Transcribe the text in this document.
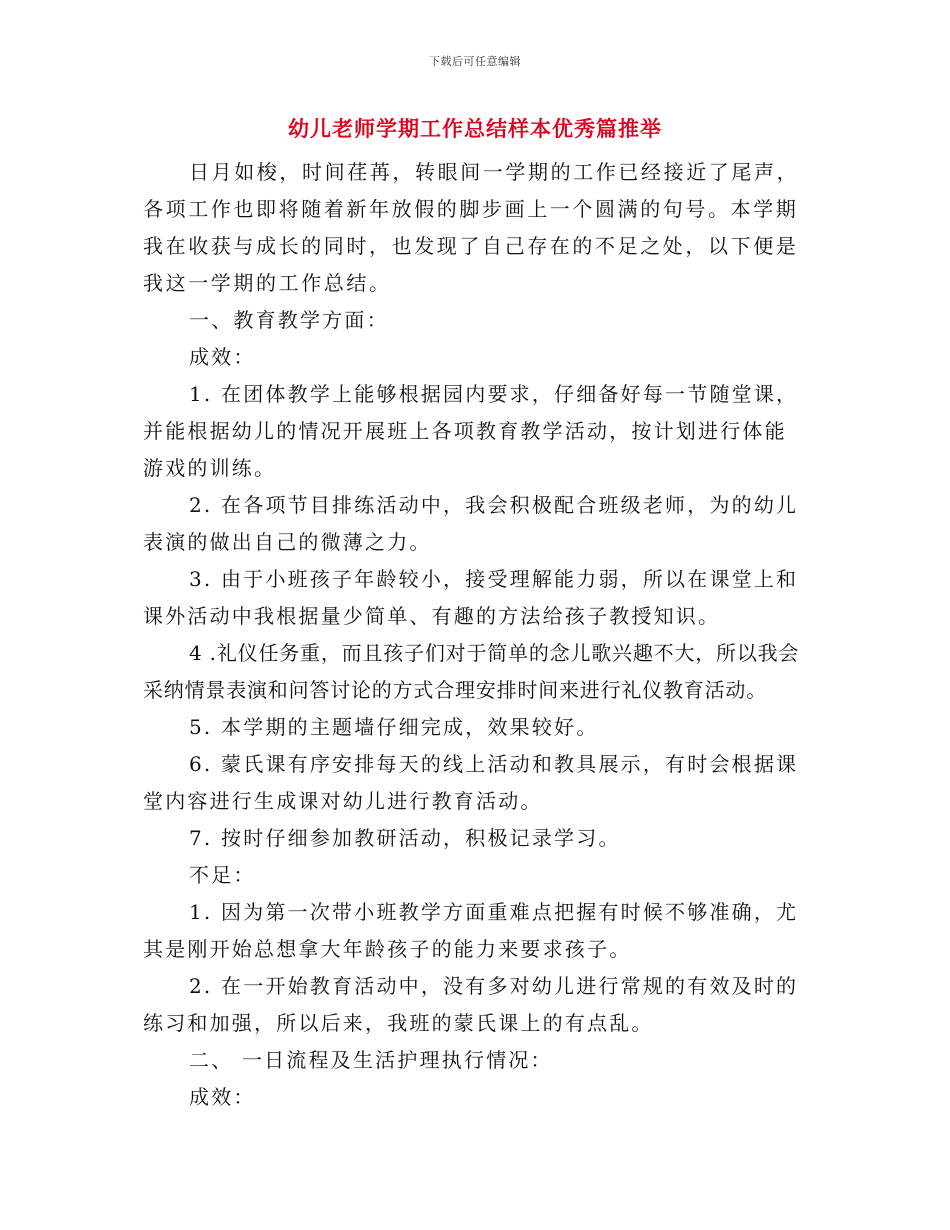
下载后可任意编辑
幼儿老师学期工作总结样本优秀篇推举

日月如梭，时间荏苒，转眼间一学期的工作已经接近了尾声，各项工作也即将随着新年放假的脚步画上一个圆满的句号。本学期我在收获与成长的同时，也发现了自己存在的不足之处，以下便是我这一学期的工作总结。

一、教育教学方面：

成效：

1. 在团体教学上能够根据园内要求，仔细备好每一节随堂课，并能根据幼儿的情况开展班上各项教育教学活动，按计划进行体能游戏的训练。

2. 在各项节目排练活动中，我会积极配合班级老师，为的幼儿表演的做出自己的微薄之力。

3. 由于小班孩子年龄较小，接受理解能力弱，所以在课堂上和课外活动中我根据量少简单、有趣的方法给孩子教授知识。

4 .礼仪任务重，而且孩子们对于简单的念儿歌兴趣不大，所以我会采纳情景表演和问答讨论的方式合理安排时间来进行礼仪教育活动。

5. 本学期的主题墙仔细完成，效果较好。

6. 蒙氏课有序安排每天的线上活动和教具展示，有时会根据课堂内容进行生成课对幼儿进行教育活动。

7. 按时仔细参加教研活动，积极记录学习。

不足：

1. 因为第一次带小班教学方面重难点把握有时候不够准确，尤其是刚开始总想拿大年龄孩子的能力来要求孩子。

2. 在一开始教育活动中，没有多对幼儿进行常规的有效及时的练习和加强，所以后来，我班的蒙氏课上的有点乱。

二、 一日流程及生活护理执行情况：

成效：
